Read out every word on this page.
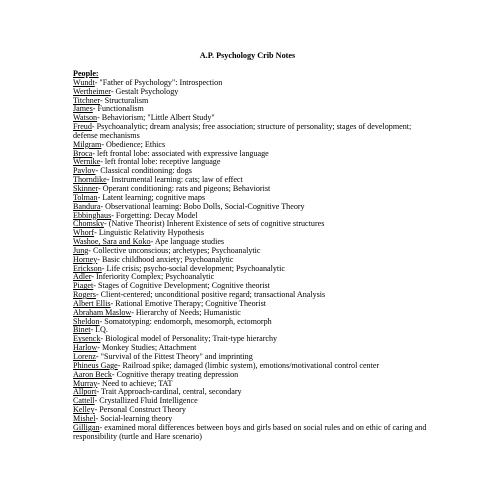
A.P. Psychology Crib Notes
People:
Wundt- "Father of Psychology": Introspection
Wertheimer- Gestalt Psychology
Titchner- Structuralism
James- Functionalism
Watson- Behaviorism; "Little Albert Study"
Freud- Psychoanalytic; dream analysis; free association; structure of personality; stages of development; defense mechanisms
Milgram- Obedience; Ethics
Broca- left frontal lobe: associated with expressive language
Wernike- left frontal lobe: receptive language
Pavlov- Classical conditioning: dogs
Thorndike- Instrumental learning: cats; law of effect
Skinner- Operant conditioning: rats and pigeons; Behaviorist
Tolman- Latent learning; cognitive maps
Bandura- Observational learning: Bobo Dolls, Social-Cognitive Theory
Ebbinghaus- Forgetting: Decay Model
Chomsky- (Native Theorist) Inherent Existence of sets of cognitive structures
Whorf- Linguistic Relativity Hypothesis
Washoe, Sara and Koko- Ape language studies
Jung- Collective unconscious; archetypes; Psychoanalytic
Horney- Basic childhood anxiety; Psychoanalytic
Erickson- Life crisis; psycho-social development; Psychoanalytic
Adler- Inferiority Complex; Psychoanalytic
Piaget- Stages of Cognitive Development; Cognitive theorist
Rogers- Client-centered; unconditional positive regard; transactional Analysis
Albert Ellis- Rational Emotive Therapy; Cognitive Theorist
Abraham Maslow- Hierarchy of Needs; Humanistic
Sheldon- Somatotyping: endomorph, mesomorph, ectomorph
Binet- I.Q.
Eysenck- Biological model of Personality; Trait-type hierarchy
Harlow- Monkey Studies; Attachment
Lorenz- "Survival of the Fittest Theory" and imprinting
Phineus Gage- Railroad spike; damaged (limbic system), emotions/motivational control center
Aaron Beck- Cognitive therapy treating depression
Murray- Need to achieve; TAT
Allport- Trait Approach-cardinal, central, secondary
Cattell- Crystallized Fluid Intelligence
Kelley- Personal Construct Theory
Mishel- Social-learning theory
Gilligan- examined moral differences between boys and girls based on social rules and on ethic of caring and responsibility (turtle and Hare scenario)
